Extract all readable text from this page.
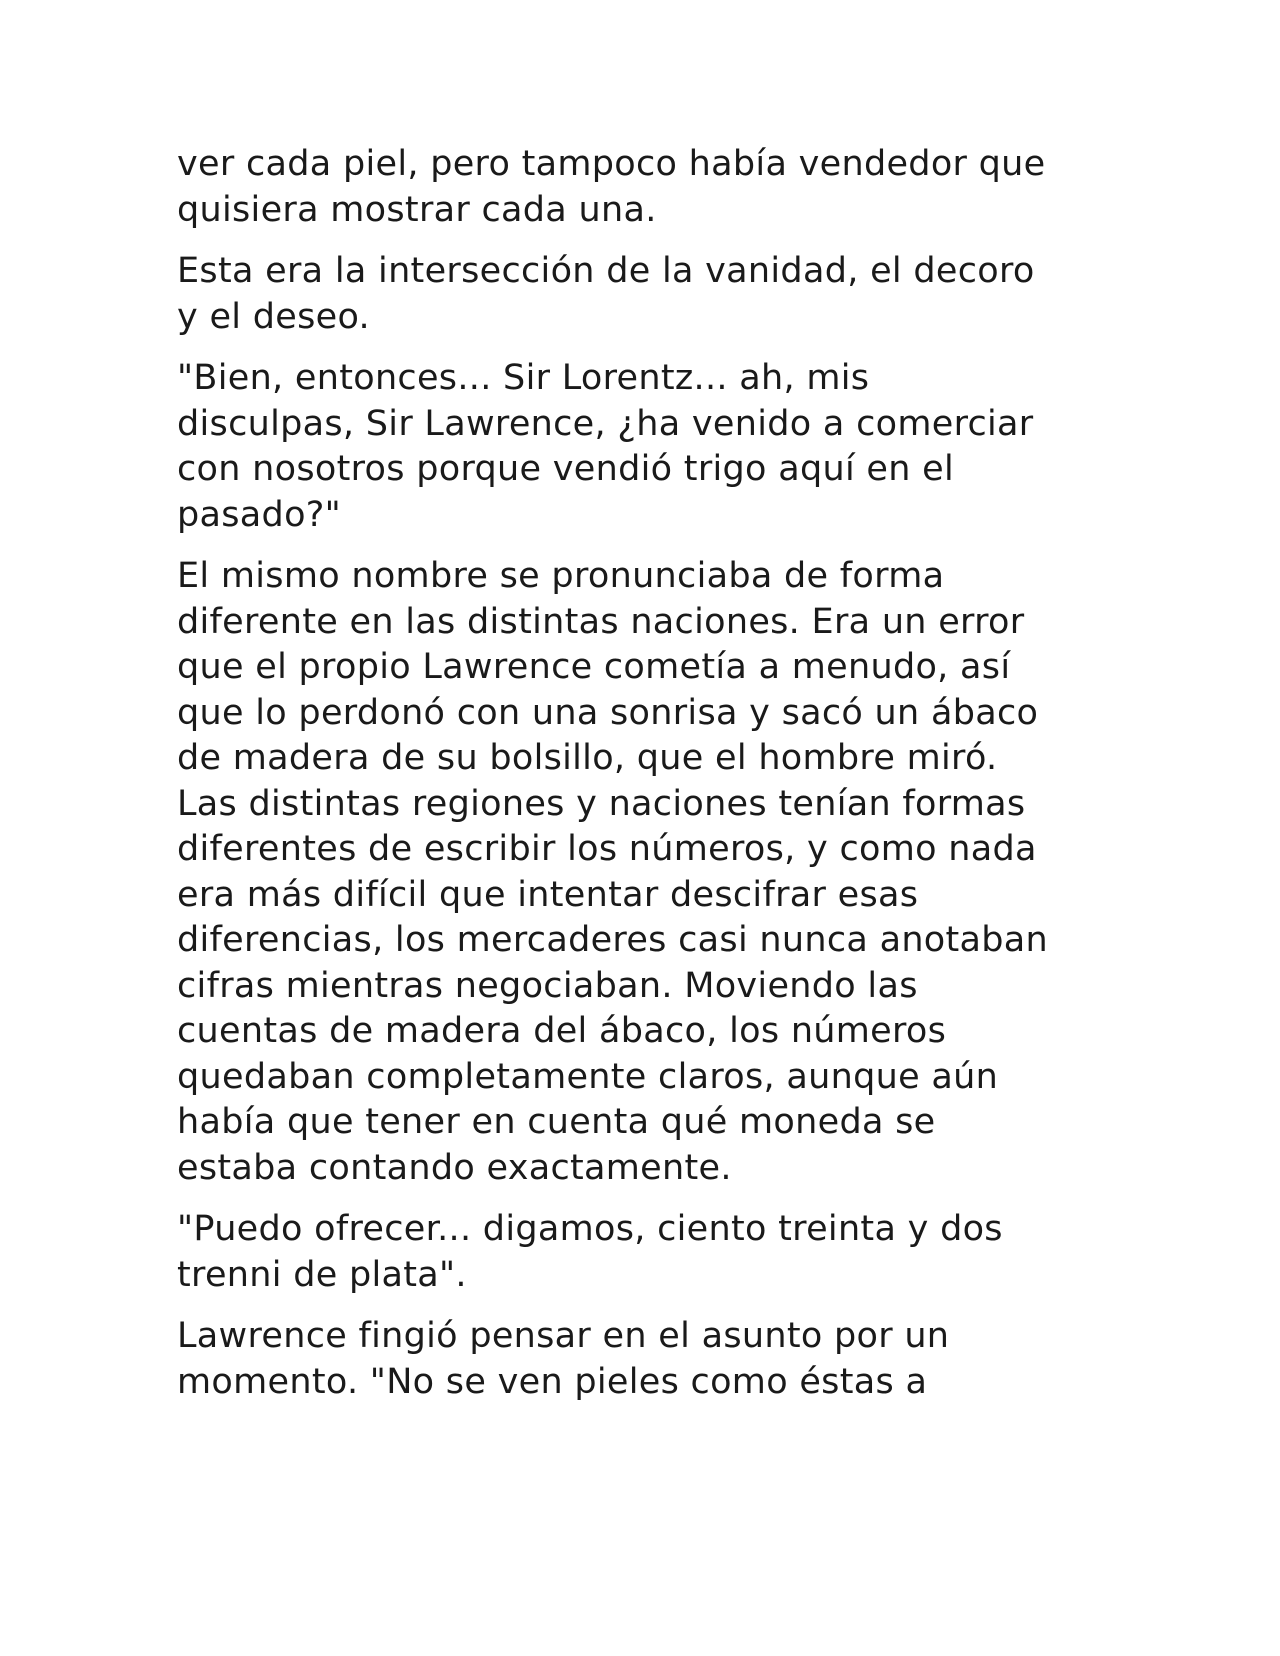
ver cada piel, pero tampoco había vendedor que
quisiera mostrar cada una.

Esta era la intersección de la vanidad, el decoro
y el deseo.

"Bien, entonces... Sir Lorentz... ah, mis
disculpas, Sir Lawrence, ¿ha venido a comerciar
con nosotros porque vendió trigo aquí en el
pasado?"

El mismo nombre se pronunciaba de forma
diferente en las distintas naciones. Era un error
que el propio Lawrence cometía a menudo, así
que lo perdonó con una sonrisa y sacó un ábaco
de madera de su bolsillo, que el hombre miró.
Las distintas regiones y naciones tenían formas
diferentes de escribir los números, y como nada
era más difícil que intentar descifrar esas
diferencias, los mercaderes casi nunca anotaban
cifras mientras negociaban. Moviendo las
cuentas de madera del ábaco, los números
quedaban completamente claros, aunque aún
había que tener en cuenta qué moneda se
estaba contando exactamente.

"Puedo ofrecer... digamos, ciento treinta y dos
trenni de plata".

Lawrence fingió pensar en el asunto por un
momento. "No se ven pieles como éstas a
